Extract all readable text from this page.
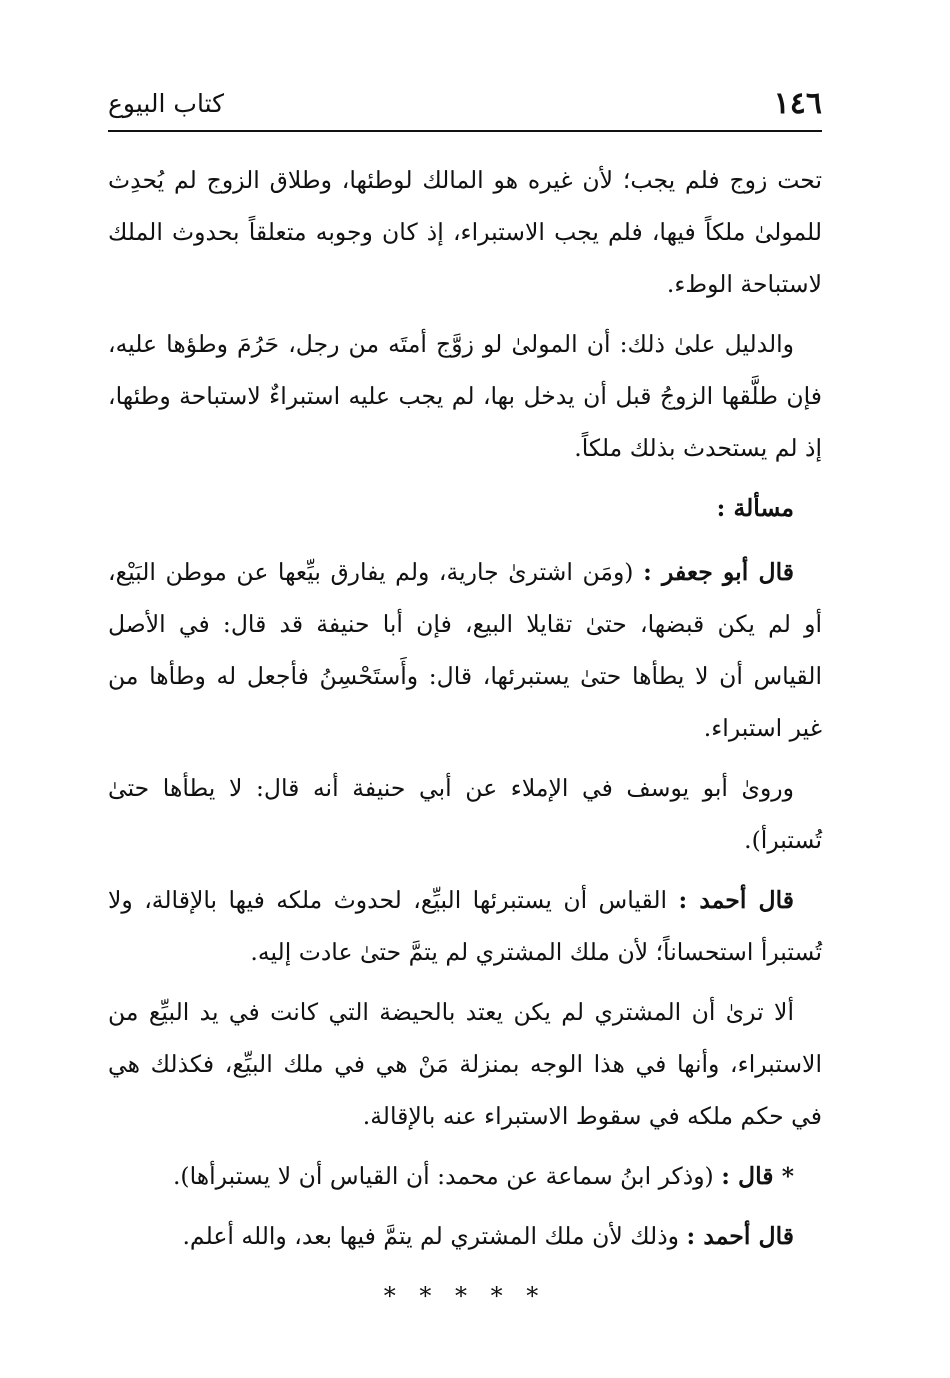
١٤٦
كتاب البيوع

تحت زوج فلم يجب؛ لأن غيره هو المالك لوطئها، وطلاق الزوج لم يُحدِث للمولىٰ ملكاً فيها، فلم يجب الاستبراء، إذ كان وجوبه متعلقاً بحدوث الملك لاستباحة الوطء.

والدليل علىٰ ذلك: أن المولىٰ لو زوَّج أمتَه من رجل، حَرُمَ وطؤها عليه، فإن طلَّقها الزوجُ قبل أن يدخل بها، لم يجب عليه استبراءٌ لاستباحة وطئها، إذ لم يستحدث بذلك ملكاً.

مسألة :

قال أبو جعفر : (ومَن اشترىٰ جارية، ولم يفارق بيِّعها عن موطن البَيْع، أو لم يكن قبضها، حتىٰ تقايلا البيع، فإن أبا حنيفة قد قال: في الأصل القياس أن لا يطأها حتىٰ يستبرئها، قال: وأَستَحْسِنُ فأجعل له وطأها من غير استبراء.

وروىٰ أبو يوسف في الإملاء عن أبي حنيفة أنه قال: لا يطأها حتىٰ تُستبرأ).

قال أحمد : القياس أن يستبرئها البيِّع، لحدوث ملكه فيها بالإقالة، ولا تُستبرأ استحساناً؛ لأن ملك المشتري لم يتمَّ حتىٰ عادت إليه.

ألا ترىٰ أن المشتري لم يكن يعتد بالحيضة التي كانت في يد البيِّع من الاستبراء، وأنها في هذا الوجه بمنزلة مَنْ هي في ملك البيِّع، فكذلك هي في حكم ملكه في سقوط الاستبراء عنه بالإقالة.

* قال : (وذكر ابنُ سماعة عن محمد: أن القياس أن لا يستبرأها).

قال أحمد : وذلك لأن ملك المشتري لم يتمَّ فيها بعد، والله أعلم.

* * * * *
